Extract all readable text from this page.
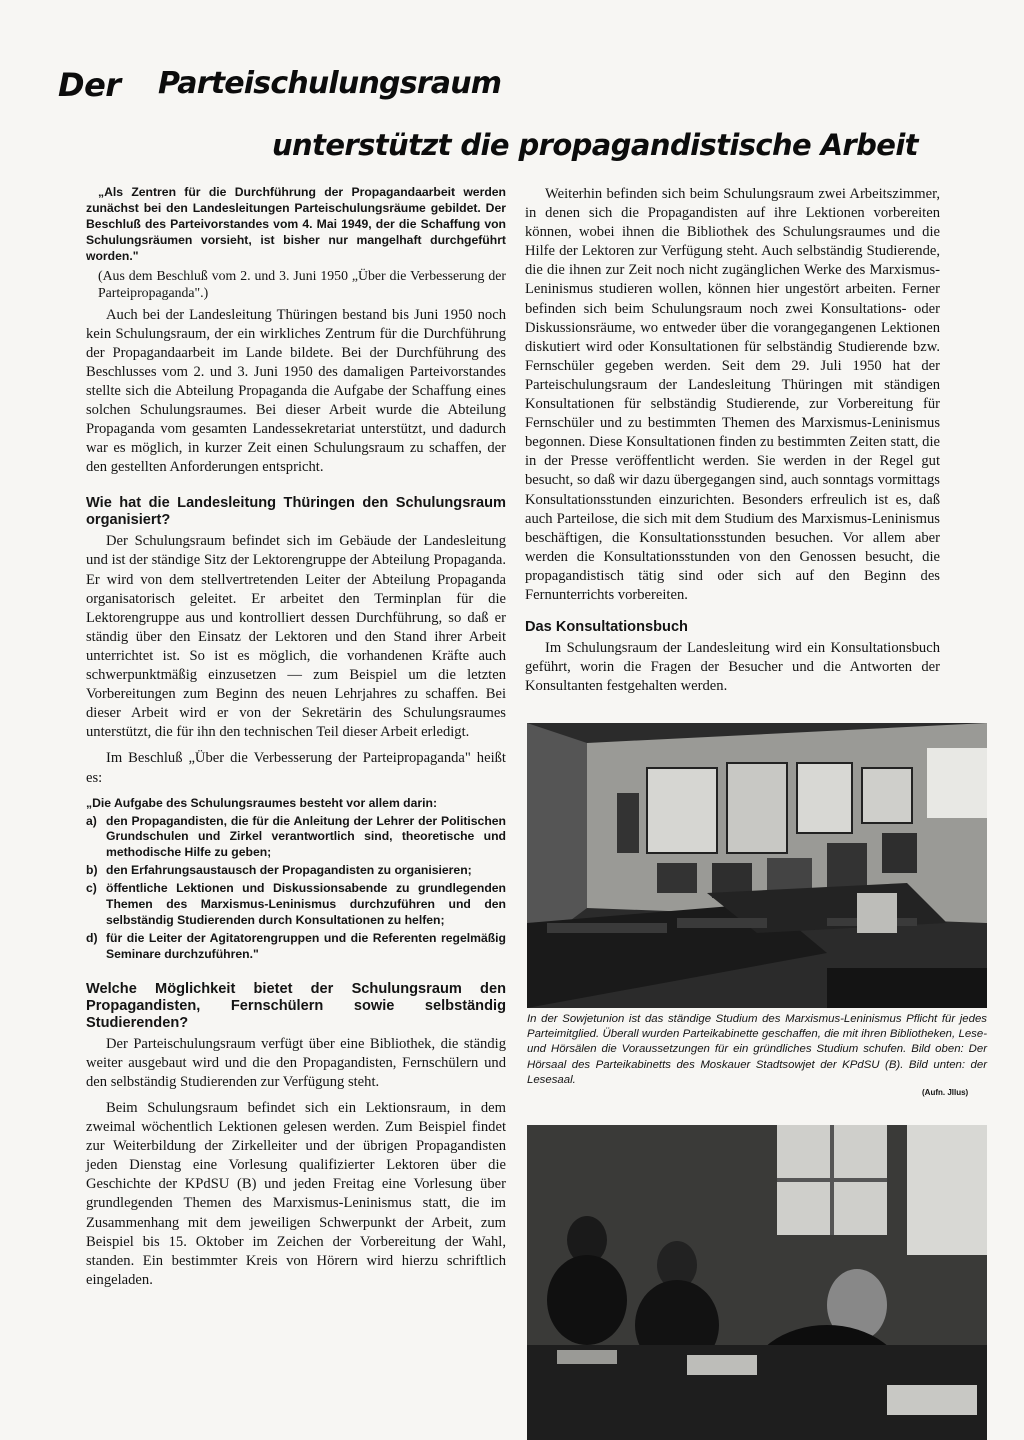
Der Parteischulungsraum
unterstützt die propagandistische Arbeit

„Als Zentren für die Durchführung der Propagandaarbeit werden zunächst bei den Landesleitungen Parteischulungsräume gebildet. Der Beschluß des Parteivorstandes vom 4. Mai 1949, der die Schaffung von Schulungsräumen vorsieht, ist bisher nur mangelhaft durchgeführt worden."

(Aus dem Beschluß vom 2. und 3. Juni 1950 „Über die Verbesserung der Parteipropaganda".)

Auch bei der Landesleitung Thüringen bestand bis Juni 1950 noch kein Schulungsraum, der ein wirkliches Zentrum für die Durchführung der Propagandaarbeit im Lande bildete. Bei der Durchführung des Beschlusses vom 2. und 3. Juni 1950 des damaligen Parteivorstandes stellte sich die Abteilung Propaganda die Aufgabe der Schaffung eines solchen Schulungsraumes. Bei dieser Arbeit wurde die Abteilung Propaganda vom gesamten Landessekretariat unterstützt, und dadurch war es möglich, in kurzer Zeit einen Schulungsraum zu schaffen, der den gestellten Anforderungen entspricht.

Wie hat die Landesleitung Thüringen den Schulungsraum organisiert?

Der Schulungsraum befindet sich im Gebäude der Landesleitung und ist der ständige Sitz der Lektorengruppe der Abteilung Propaganda. Er wird von dem stellvertretenden Leiter der Abteilung Propaganda organisatorisch geleitet. Er arbeitet den Terminplan für die Lektorengruppe aus und kontrolliert dessen Durchführung, so daß er ständig über den Einsatz der Lektoren und den Stand ihrer Arbeit unterrichtet ist. So ist es möglich, die vorhandenen Kräfte auch schwerpunktmäßig einzusetzen — zum Beispiel um die letzten Vorbereitungen zum Beginn des neuen Lehrjahres zu schaffen. Bei dieser Arbeit wird er von der Sekretärin des Schulungsraumes unterstützt, die für ihn den technischen Teil dieser Arbeit erledigt.

Im Beschluß „Über die Verbesserung der Parteipropaganda" heißt es:

„Die Aufgabe des Schulungsraumes besteht vor allem darin:

a) den Propagandisten, die für die Anleitung der Lehrer der Politischen Grundschulen und Zirkel verantwortlich sind, theoretische und methodische Hilfe zu geben;
b) den Erfahrungsaustausch der Propagandisten zu organisieren;
c) öffentliche Lektionen und Diskussionsabende zu grundlegenden Themen des Marxismus-Leninismus durchzuführen und den selbständig Studierenden durch Konsultationen zu helfen;
d) für die Leiter der Agitatorengruppen und die Referenten regelmäßig Seminare durchzuführen."

Welche Möglichkeit bietet der Schulungsraum den Propagandisten, Fernschülern sowie selbständig Studierenden?

Der Parteischulungsraum verfügt über eine Bibliothek, die ständig weiter ausgebaut wird und die den Propagandisten, Fernschülern und den selbständig Studierenden zur Verfügung steht.

Beim Schulungsraum befindet sich ein Lektionsraum, in dem zweimal wöchentlich Lektionen gelesen werden. Zum Beispiel findet zur Weiterbildung der Zirkelleiter und der übrigen Propagandisten jeden Dienstag eine Vorlesung qualifizierter Lektoren über die Geschichte der KPdSU (B) und jeden Freitag eine Vorlesung über grundlegenden Themen des Marxismus-Leninismus statt, die im Zusammenhang mit dem jeweiligen Schwerpunkt der Arbeit, zum Beispiel bis 15. Oktober im Zeichen der Vorbereitung der Wahl, standen. Ein bestimmter Kreis von Hörern wird hierzu schriftlich eingeladen.

Weiterhin befinden sich beim Schulungsraum zwei Arbeitszimmer, in denen sich die Propagandisten auf ihre Lektionen vorbereiten können, wobei ihnen die Bibliothek des Schulungsraumes und die Hilfe der Lektoren zur Verfügung steht. Auch selbständig Studierende, die die ihnen zur Zeit noch nicht zugänglichen Werke des Marxismus-Leninismus studieren wollen, können hier ungestört arbeiten. Ferner befinden sich beim Schulungsraum noch zwei Konsultations- oder Diskussionsräume, wo entweder über die vorangegangenen Lektionen diskutiert wird oder Konsultationen für selbständig Studierende bzw. Fernschüler gegeben werden. Seit dem 29. Juli 1950 hat der Parteischulungsraum der Landesleitung Thüringen mit ständigen Konsultationen für selbständig Studierende, zur Vorbereitung für Fernschüler und zu bestimmten Themen des Marxismus-Leninismus begonnen. Diese Konsultationen finden zu bestimmten Zeiten statt, die in der Presse veröffentlicht werden. Sie werden in der Regel gut besucht, so daß wir dazu übergegangen sind, auch sonntags vormittags Konsultationsstunden einzurichten. Besonders erfreulich ist es, daß auch Parteilose, die sich mit dem Studium des Marxismus-Leninismus beschäftigen, die Konsultationsstunden besuchen. Vor allem aber werden die Konsultationsstunden von den Genossen besucht, die propagandistisch tätig sind oder sich auf den Beginn des Fernunterrichts vorbereiten.

Das Konsultationsbuch

Im Schulungsraum der Landesleitung wird ein Konsultationsbuch geführt, worin die Fragen der Besucher und die Antworten der Konsultanten festgehalten werden.

In der Sowjetunion ist das ständige Studium des Marxismus-Leninismus Pflicht für jedes Parteimitglied. Überall wurden Parteikabinette geschaffen, die mit ihren Bibliotheken, Lese- und Hörsälen die Voraussetzungen für ein gründliches Studium schufen. Bild oben: Der Hörsaal des Parteikabinetts des Moskauer Stadtsowjet der KPdSU (B). Bild unten: der Lesesaal.
(Aufn. Jllus)
